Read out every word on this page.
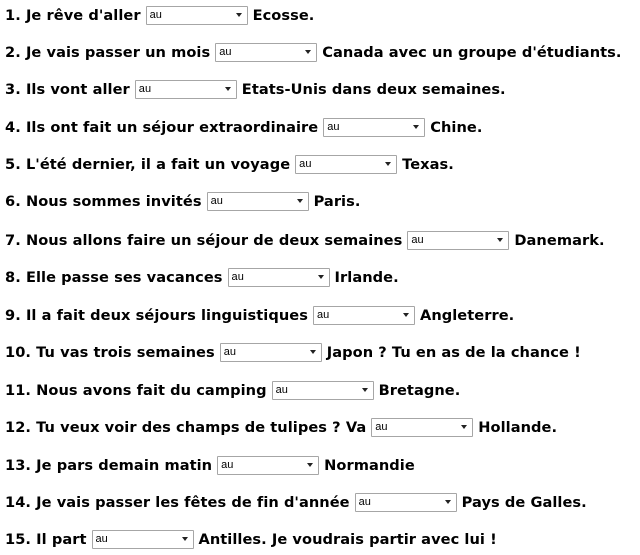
1.
Je rêve d'aller au	Ecosse.
2.
Je vais passer un mois au	Canada avec un groupe d'étudiants.
3.
Ils vont aller au	Etats-Unis dans deux semaines.
4.
Ils ont fait un séjour extraordinaire au	Chine.
5.
L'été dernier, il a fait un voyage au	Texas.
6.
Nous sommes invités au	Paris.
7.
Nous allons faire un séjour de deux semaines au	Danemark.
8.
Elle passe ses vacances au	Irlande.
9.
Il a fait deux séjours linguistiques au	Angleterre.
10.
Tu vas trois semaines au	Japon ? Tu en as de la chance !
11.
Nous avons fait du camping au	Bretagne.
12.
Tu veux voir des champs de tulipes ? Va au	Hollande.
13.
Je pars demain matin au	Normandie
14.
Je vais passer les fêtes de fin d'année au	Pays de Galles.
15.
Il part au	Antilles. Je voudrais partir avec lui !
